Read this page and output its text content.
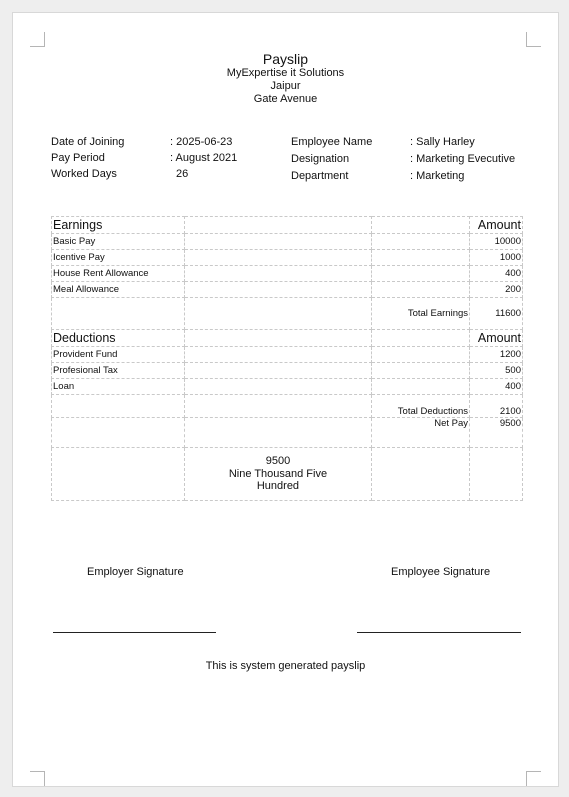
Payslip
MyExpertise it Solutions
Jaipur
Gate Avenue
Date of Joining	: 2025-06-23
Pay Period	: August 2021
Worked Days	26
Employee Name	: Sally Harley
Designation	: Marketing Evecutive
Department	: Marketing
Earnings			Amount
Basic Pay			10000
Icentive Pay			1000
House Rent Allowance			400
Meal Allowance			200
		Total Earnings	11600
Deductions			Amount
Provident Fund			1200
Profesional Tax			500
Loan			400
		Total Deductions	2100
		Net Pay	9500

	9500
Nine Thousand Five
Hundred		

Employer Signature	Employee Signature
This is system generated payslip
